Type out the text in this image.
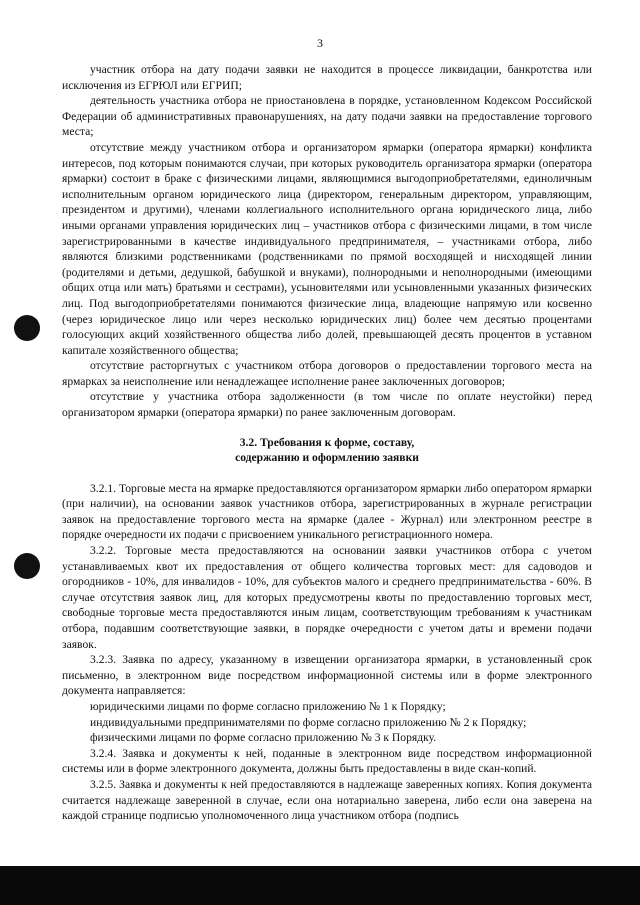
3

участник отбора на дату подачи заявки не находится в процессе ликвидации, банкротства или исключения из ЕГРЮЛ или ЕГРИП;

деятельность участника отбора не приостановлена в порядке, установленном Кодексом Российской Федерации об административных правонарушениях, на дату подачи заявки на предоставление торгового места;

отсутствие между участником отбора и организатором ярмарки (оператора ярмарки) конфликта интересов, под которым понимаются случаи, при которых руководитель организатора ярмарки (оператора ярмарки) состоит в браке с физическими лицами, являющимися выгодоприобретателями, единоличным исполнительным органом юридического лица (директором, генеральным директором, управляющим, президентом и другими), членами коллегиального исполнительного органа юридического лица, либо иными органами управления юридических лиц – участников отбора с физическими лицами, в том числе зарегистрированными в качестве индивидуального предпринимателя, – участниками отбора, либо являются близкими родственниками (родственниками по прямой восходящей и нисходящей линии (родителями и детьми, дедушкой, бабушкой и внуками), полнородными и неполнородными (имеющими общих отца или мать) братьями и сестрами), усыновителями или усыновленными указанных физических лиц. Под выгодоприобретателями понимаются физические лица, владеющие напрямую или косвенно (через юридическое лицо или через несколько юридических лиц) более чем десятью процентами голосующих акций хозяйственного общества либо долей, превышающей десять процентов в уставном капитале хозяйственного общества;

отсутствие расторгнутых с участником отбора договоров о предоставлении торгового места на ярмарках за неисполнение или ненадлежащее исполнение ранее заключенных договоров;

отсутствие у участника отбора задолженности (в том числе по оплате неустойки) перед организатором ярмарки (оператора ярмарки) по ранее заключенным договорам.

3.2. Требования к форме, составу,
содержанию и оформлению заявки

3.2.1. Торговые места на ярмарке предоставляются организатором ярмарки либо оператором ярмарки (при наличии), на основании заявок участников отбора, зарегистрированных в журнале регистрации заявок на предоставление торгового места на ярмарке (далее - Журнал) или электронном реестре в порядке очередности их подачи с присвоением уникального регистрационного номера.

3.2.2. Торговые места предоставляются на основании заявки участников отбора с учетом устанавливаемых квот их предоставления от общего количества торговых мест: для садоводов и огородников - 10%, для инвалидов - 10%, для субъектов малого и среднего предпринимательства - 60%. В случае отсутствия заявок лиц, для которых предусмотрены квоты по предоставлению торговых мест, свободные торговые места предоставляются иным лицам, соответствующим требованиям к участникам отбора, подавшим соответствующие заявки, в порядке очередности с учетом даты и времени подачи заявок.

3.2.3. Заявка по адресу, указанному в извещении организатора ярмарки, в установленный срок письменно, в электронном виде посредством информационной системы или в форме электронного документа направляется:

юридическими лицами по форме согласно приложению № 1 к Порядку;

индивидуальными предпринимателями по форме согласно приложению № 2 к Порядку;

физическими лицами по форме согласно приложению № 3 к Порядку.

3.2.4. Заявка и документы к ней, поданные в электронном виде посредством информационной системы или в форме электронного документа, должны быть предоставлены в виде скан-копий.

3.2.5. Заявка и документы к ней предоставляются в надлежаще заверенных копиях. Копия документа считается надлежаще заверенной в случае, если она нотариально заверена, либо если она заверена на каждой странице подписью уполномоченного лица участником отбора (подпись
